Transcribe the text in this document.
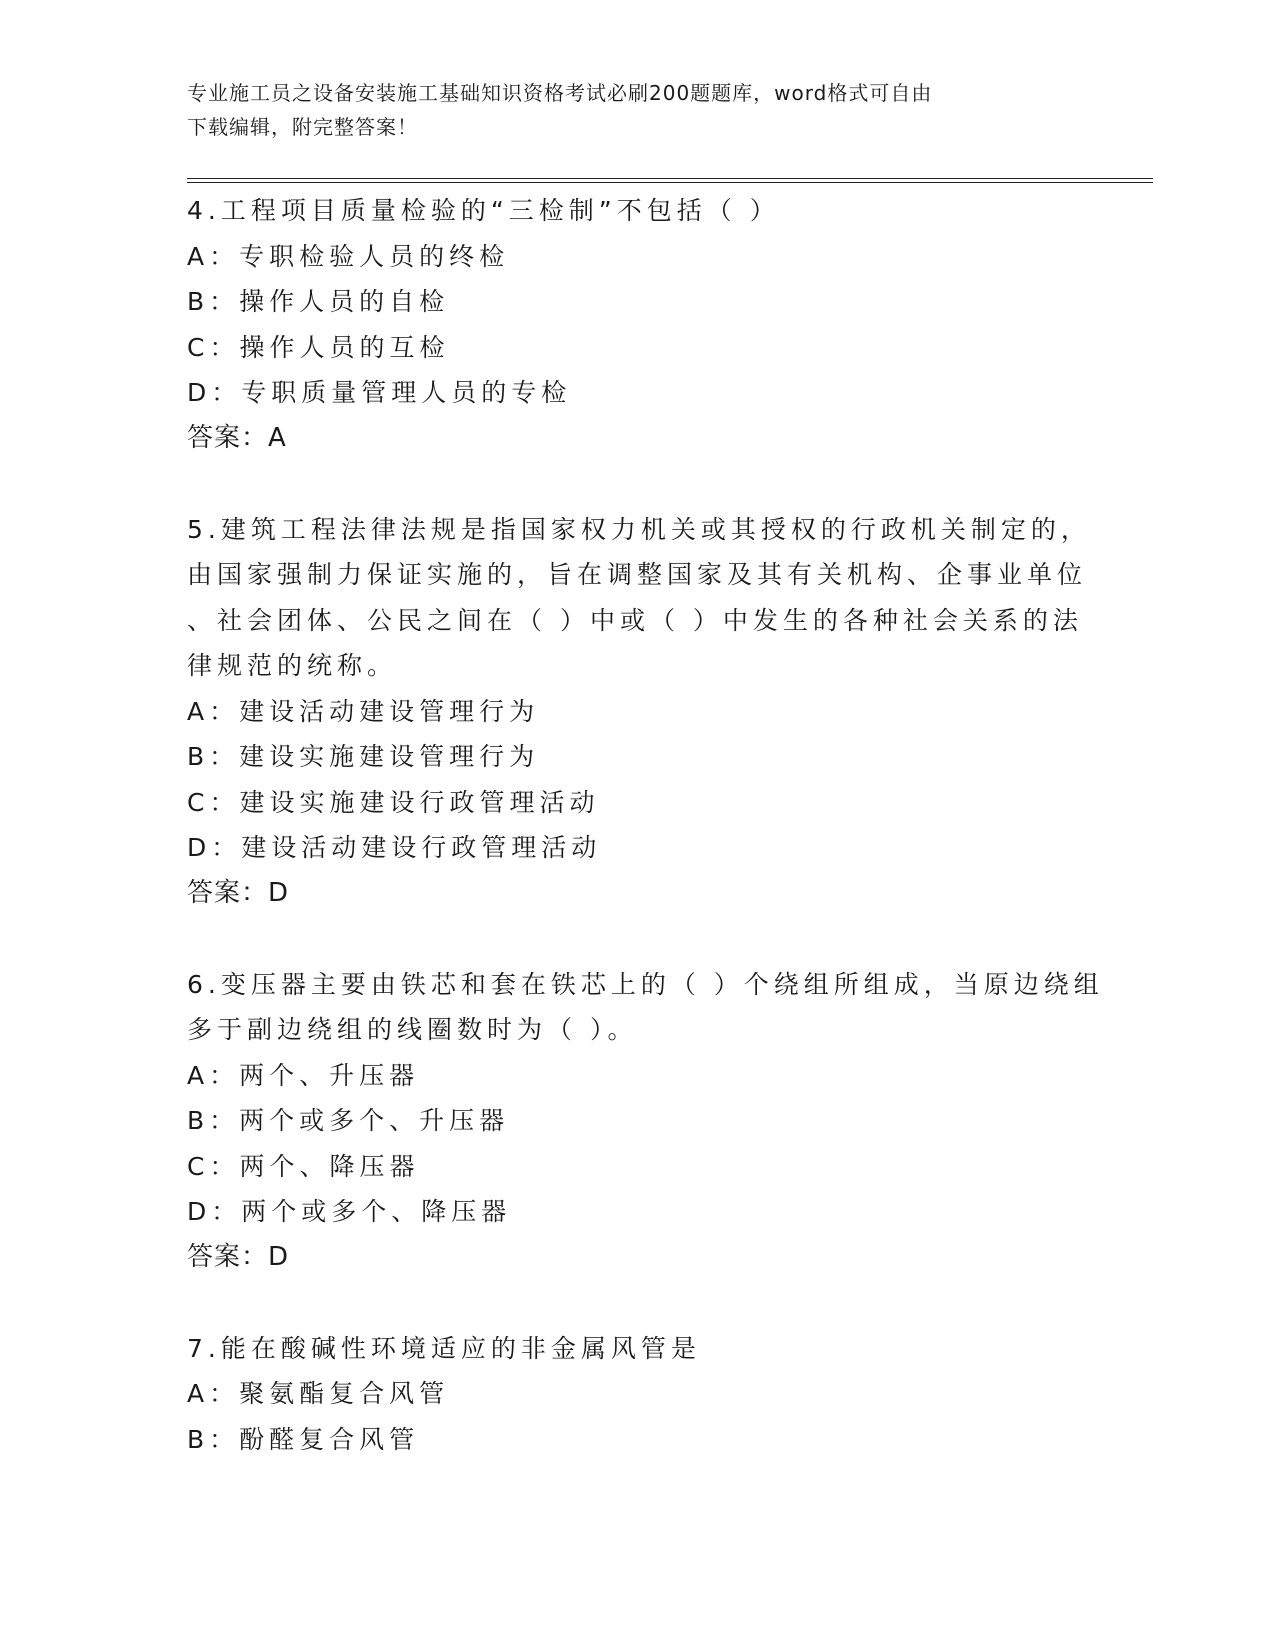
专业施工员之设备安装施工基础知识资格考试必刷200题题库，word格式可自由
下载编辑，附完整答案！
4.工程项目质量检验的“三检制”不包括（ ）
A：专职检验人员的终检
B：操作人员的自检
C：操作人员的互检
D：专职质量管理人员的专检
答案：A
5.建筑工程法律法规是指国家权力机关或其授权的行政机关制定的，
由国家强制力保证实施的，旨在调整国家及其有关机构、企事业单位
、社会团体、公民之间在（ ）中或（ ）中发生的各种社会关系的法
律规范的统称。
A：建设活动建设管理行为
B：建设实施建设管理行为
C：建设实施建设行政管理活动
D：建设活动建设行政管理活动
答案：D
6.变压器主要由铁芯和套在铁芯上的（ ）个绕组所组成，当原边绕组
多于副边绕组的线圈数时为（ ）。
A：两个、升压器
B：两个或多个、升压器
C：两个、降压器
D：两个或多个、降压器
答案：D
7.能在酸碱性环境适应的非金属风管是
A：聚氨酯复合风管
B：酚醛复合风管
